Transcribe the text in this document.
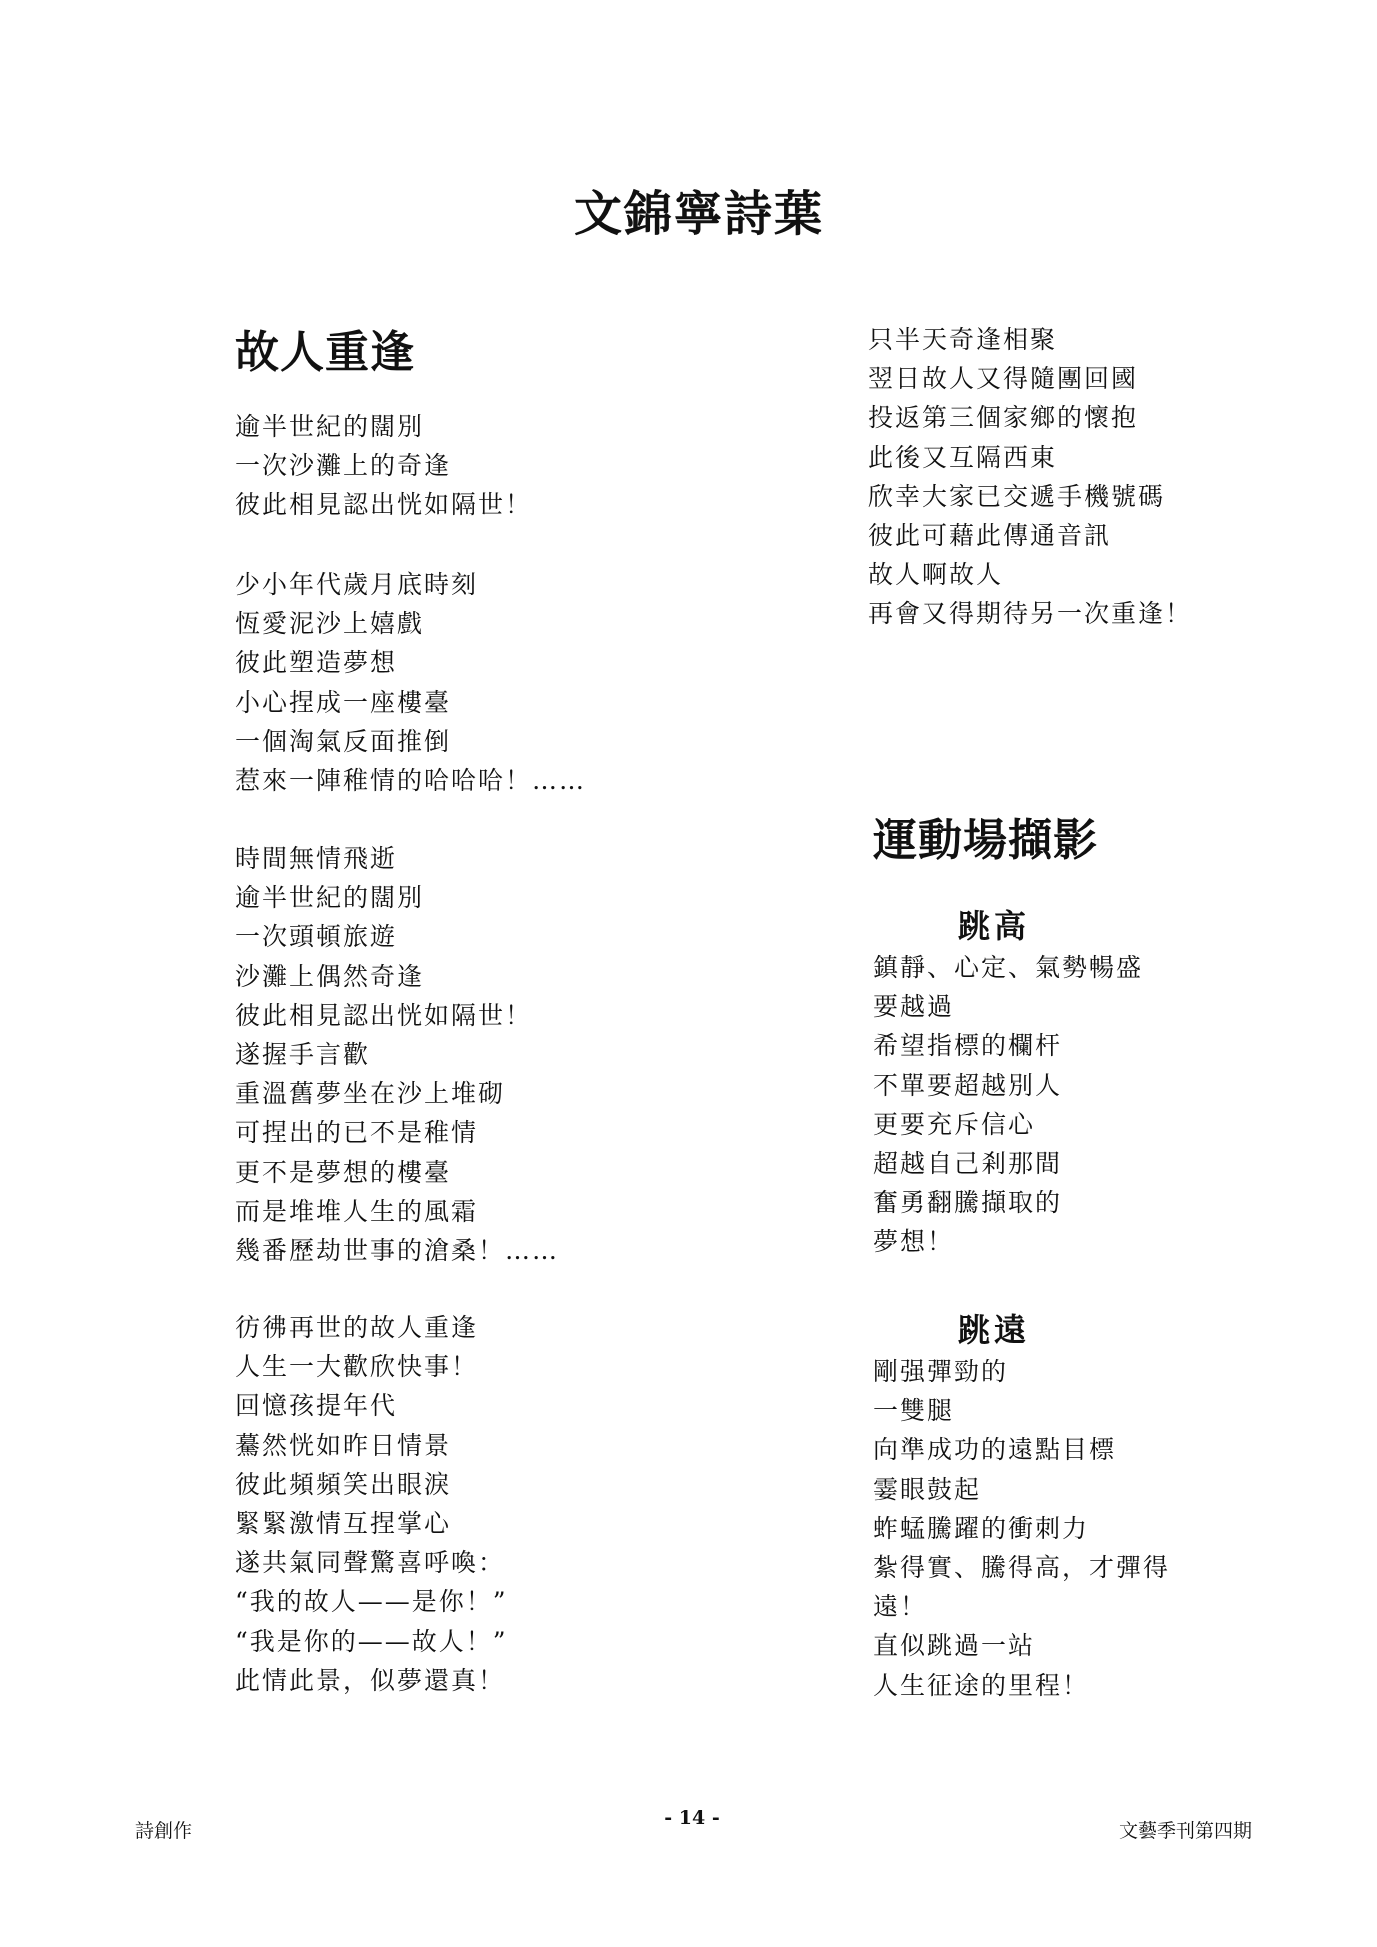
文錦寧詩葉
故人重逢
逾半世紀的闊別
一次沙灘上的奇逢
彼此相見認出恍如隔世！
少小年代歲月底時刻
恆愛泥沙上嬉戲
彼此塑造夢想
小心捏成一座樓臺
一個淘氣反面推倒
惹來一陣稚情的哈哈哈！……
時間無情飛逝
逾半世紀的闊別
一次頭頓旅遊
沙灘上偶然奇逢
彼此相見認出恍如隔世！
遂握手言歡
重溫舊夢坐在沙上堆砌
可捏出的已不是稚情
更不是夢想的樓臺
而是堆堆人生的風霜
幾番歷劫世事的滄桑！……
彷彿再世的故人重逢
人生一大歡欣快事！
回憶孩提年代
驀然恍如昨日情景
彼此頻頻笑出眼淚
緊緊激情互捏掌心
遂共氣同聲驚喜呼喚：
“我的故人——是你！”
“我是你的——故人！”
此情此景，似夢還真！
只半天奇逢相聚
翌日故人又得隨團回國
投返第三個家鄉的懷抱
此後又互隔西東
欣幸大家已交遞手機號碼
彼此可藉此傳通音訊
故人啊故人
再會又得期待另一次重逢！
運動場擷影
跳高
鎮靜、心定、氣勢暢盛
要越過
希望指標的欄杆
不單要超越別人
更要充斥信心
超越自己剎那間
奮勇翻騰擷取的
夢想！
跳遠
剛强彈勁的
一雙腿
向準成功的遠點目標
霎眼鼓起
蚱蜢騰躍的衝刺力
紮得實、騰得高，才彈得
遠！
直似跳過一站
人生征途的里程！
詩創作
- 14 -
文藝季刊第四期
